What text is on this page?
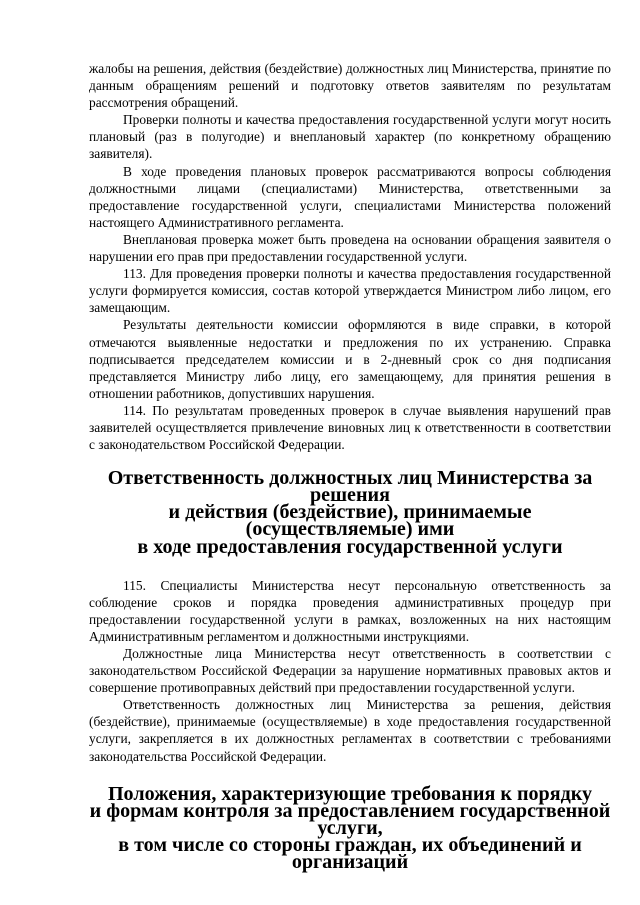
жалобы на решения, действия (бездействие) должностных лиц Министерства, принятие по данным обращениям решений и подготовку ответов заявителям по результатам рассмотрения обращений.

Проверки полноты и качества предоставления государственной услуги могут носить плановый (раз в полугодие) и внеплановый характер (по конкретному обращению заявителя).

В ходе проведения плановых проверок рассматриваются вопросы соблюдения должностными лицами (специалистами) Министерства, ответственными за предоставление государственной услуги, специалистами Министерства положений настоящего Административного регламента.

Внеплановая проверка может быть проведена на основании обращения заявителя о нарушении его прав при предоставлении государственной услуги.

113. Для проведения проверки полноты и качества предоставления государственной услуги формируется комиссия, состав которой утверждается Министром либо лицом, его замещающим.

Результаты деятельности комиссии оформляются в виде справки, в которой отмечаются выявленные недостатки и предложения по их устранению. Справка подписывается председателем комиссии и в 2-дневный срок со дня подписания представляется Министру либо лицу, его замещающему, для принятия решения в отношении работников, допустивших нарушения.

114. По результатам проведенных проверок в случае выявления нарушений прав заявителей осуществляется привлечение виновных лиц к ответственности в соответствии с законодательством Российской Федерации.

Ответственность должностных лиц Министерства за решения
и действия (бездействие), принимаемые (осуществляемые) ими
в ходе предоставления государственной услуги

115. Специалисты Министерства несут персональную ответственность за соблюдение сроков и порядка проведения административных процедур при предоставлении государственной услуги в рамках, возложенных на них настоящим Административным регламентом и должностными инструкциями.

Должностные лица Министерства несут ответственность в соответствии с законодательством Российской Федерации за нарушение нормативных правовых актов и совершение противоправных действий при предоставлении государственной услуги.

Ответственность должностных лиц Министерства за решения, действия (бездействие), принимаемые (осуществляемые) в ходе предоставления государственной услуги, закрепляется в их должностных регламентах в соответствии с требованиями законодательства Российской Федерации.

Положения, характеризующие требования к порядку
и формам контроля за предоставлением государственной услуги,
в том числе со стороны граждан, их объединений и организаций
